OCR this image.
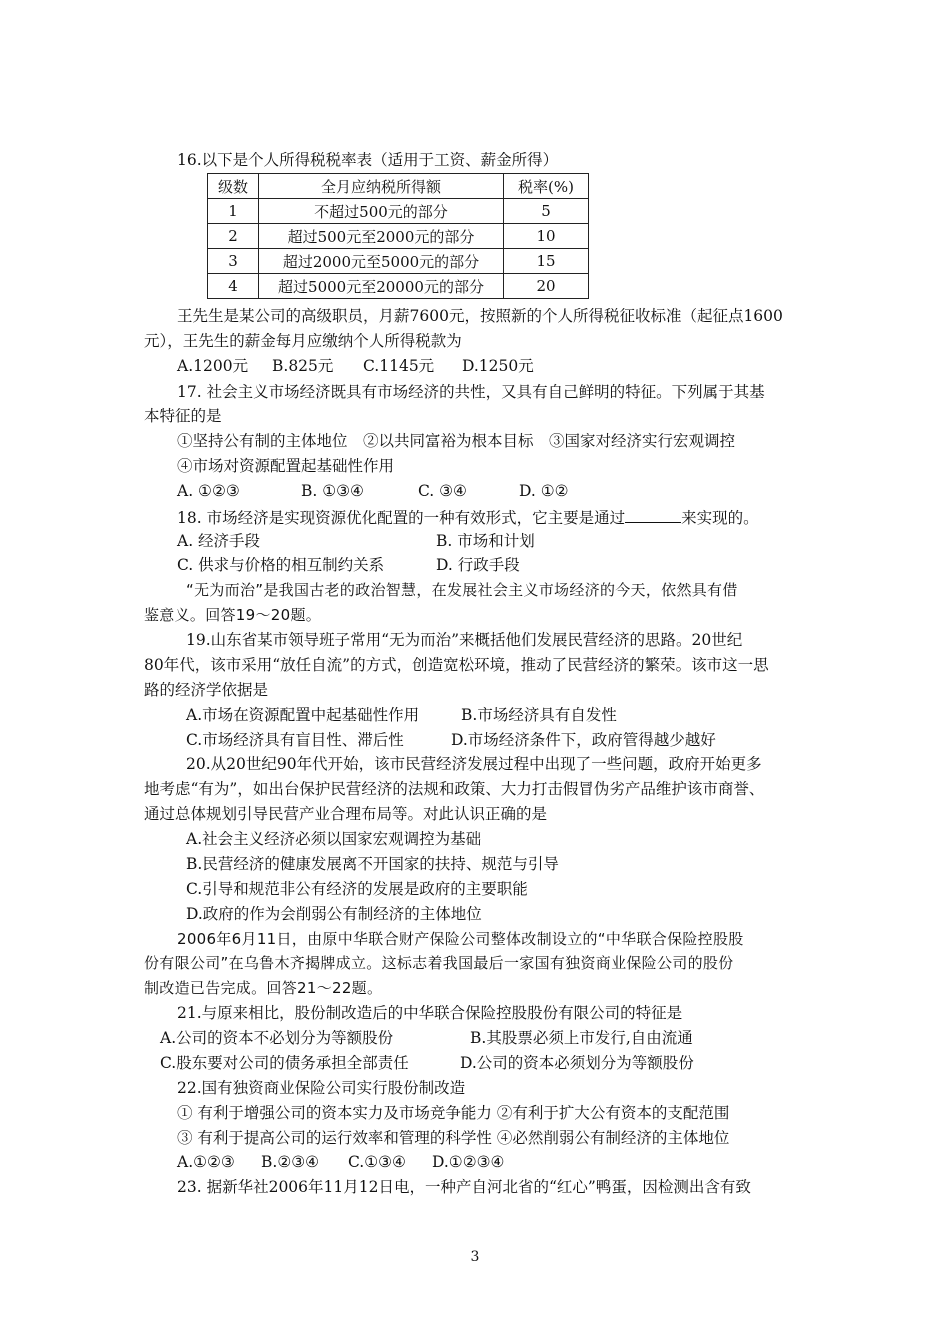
16.以下是个人所得税税率表（适用于工资、薪金所得）
级数	全月应纳税所得额	税率(%)
1	不超过500元的部分	5
2	超过500元至2000元的部分	10
3	超过2000元至5000元的部分	15
4	超过5000元至20000元的部分	20
王先生是某公司的高级职员，月薪7600元，按照新的个人所得税征收标准（起征点1600
元），王先生的薪金每月应缴纳个人所得税款为
A.1200元 B.825元 C.1145元 D.1250元
17. 社会主义市场经济既具有市场经济的共性，又具有自己鲜明的特征。下列属于其基
本特征的是
①坚持公有制的主体地位　②以共同富裕为根本目标　③国家对经济实行宏观调控
④市场对资源配置起基础性作用
A. ①②③	B. ①③④	C. ③④	D. ①②
18. 市场经济是实现资源优化配置的一种有效形式，它主要是通过	来实现的。
A. 经济手段	B. 市场和计划
C. 供求与价格的相互制约关系	D. 行政手段
“无为而治”是我国古老的政治智慧，在发展社会主义市场经济的今天，依然具有借
鉴意义。回答19～20题。
19.山东省某市领导班子常用“无为而治”来概括他们发展民营经济的思路。20世纪
80年代，该市采用“放任自流”的方式，创造宽松环境，推动了民营经济的繁荣。该市这一思
路的经济学依据是
A.市场在资源配置中起基础性作用	B.市场经济具有自发性
C.市场经济具有盲目性、滞后性	D.市场经济条件下，政府管得越少越好
20.从20世纪90年代开始，该市民营经济发展过程中出现了一些问题，政府开始更多
地考虑“有为”，如出台保护民营经济的法规和政策、大力打击假冒伪劣产品维护该市商誉、
通过总体规划引导民营产业合理布局等。对此认识正确的是
A.社会主义经济必须以国家宏观调控为基础
B.民营经济的健康发展离不开国家的扶持、规范与引导
C.引导和规范非公有经济的发展是政府的主要职能
D.政府的作为会削弱公有制经济的主体地位
2006年6月11日，由原中华联合财产保险公司整体改制设立的“中华联合保险控股股
份有限公司”在乌鲁木齐揭牌成立。这标志着我国最后一家国有独资商业保险公司的股份
制改造已告完成。回答21～22题。
21.与原来相比，股份制改造后的中华联合保险控股股份有限公司的特征是
A.公司的资本不必划分为等额股份	B.其股票必须上市发行,自由流通
C.股东要对公司的债务承担全部责任	D.公司的资本必须划分为等额股份
22.国有独资商业保险公司实行股份制改造
① 有利于增强公司的资本实力及市场竞争能力 ②有利于扩大公有资本的支配范围
③ 有利于提高公司的运行效率和管理的科学性 ④必然削弱公有制经济的主体地位
A.①②③ B.②③④ C.①③④ D.①②③④
23. 据新华社2006年11月12日电，一种产自河北省的“红心”鸭蛋，因检测出含有致
3
